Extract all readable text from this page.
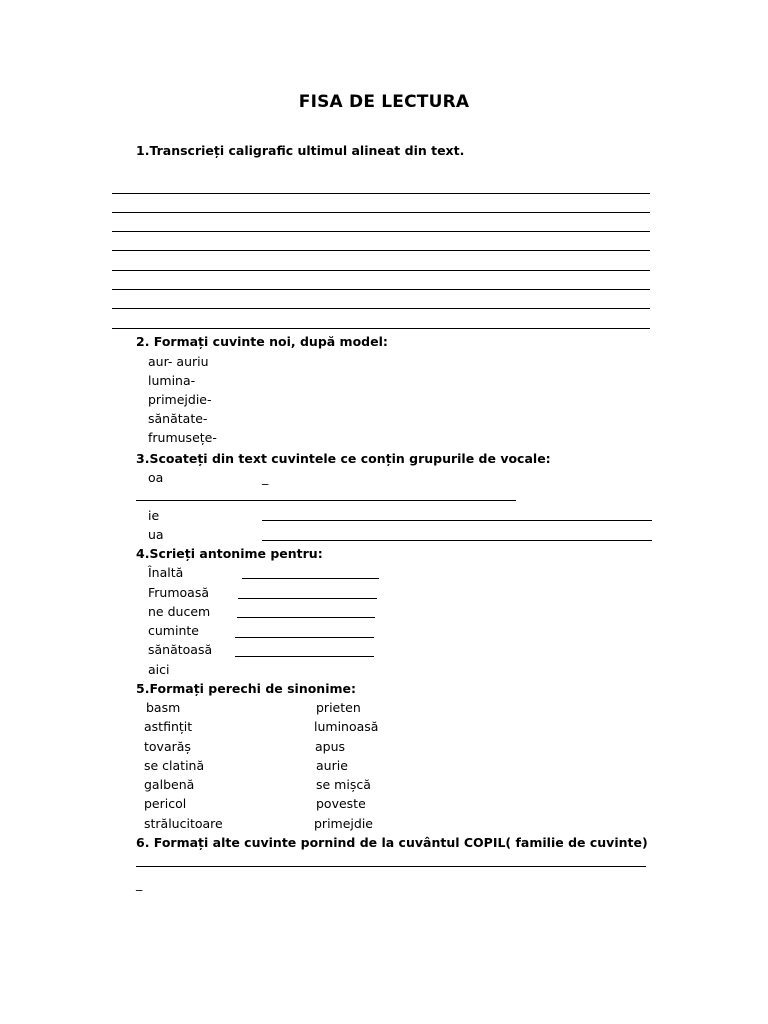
FISA DE LECTURA
1.Transcrieți caligrafic ultimul alineat din text.
2. Formați cuvinte noi, după model:
aur- auriu
lumina-
primejdie-
sănătate-
frumusețe-
3.Scoateți din text cuvintele ce conțin grupurile de vocale:
oa	_
ie
ua
4.Scrieți antonime pentru:
Înaltă
Frumoasă
ne ducem
cuminte
sănătoasă
aici
5.Formați perechi de sinonime:
basm
astfințit
tovarăș
se clatină
galbenă
pericol
strălucitoare
prieten
luminoasă
apus
aurie
se mișcă
poveste
primejdie
6. Formați alte cuvinte pornind de la cuvântul COPIL( familie de cuvinte)
_
